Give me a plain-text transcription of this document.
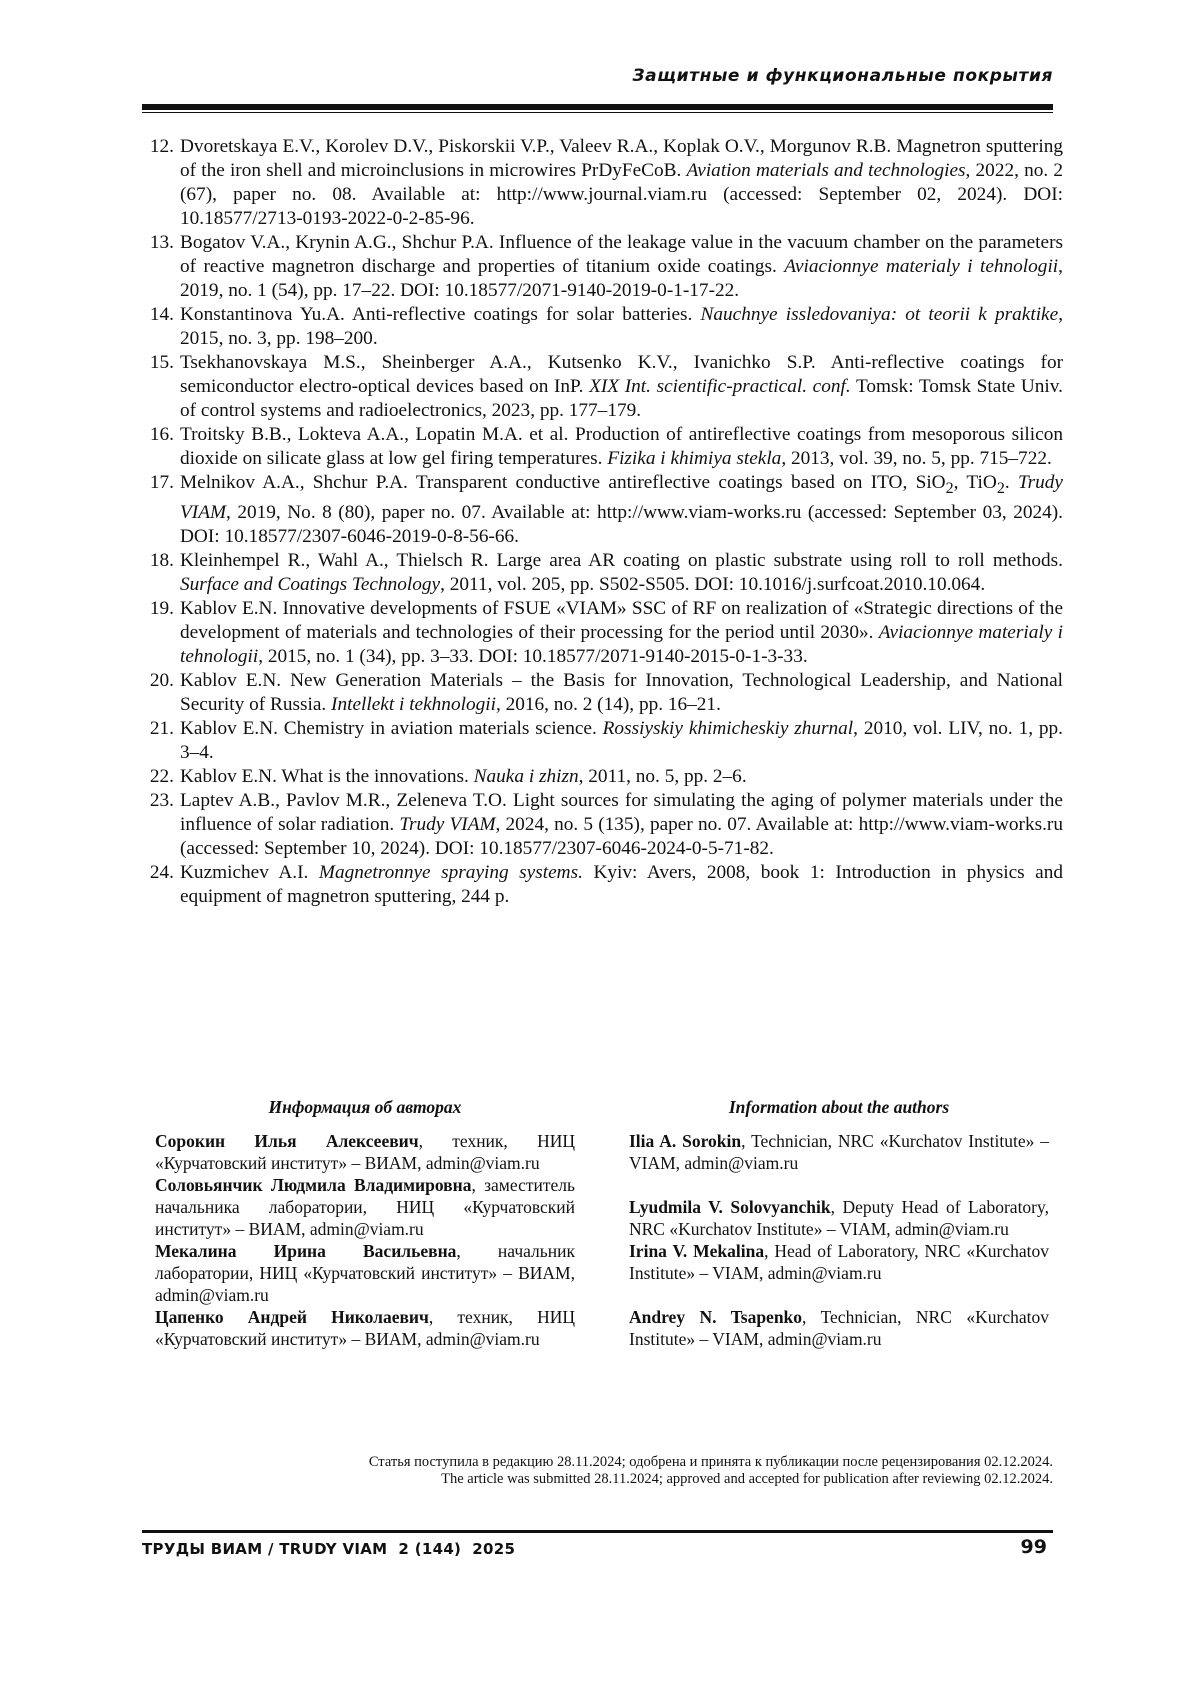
Защитные и функциональные покрытия
12. Dvoretskaya E.V., Korolev D.V., Piskorskii V.P., Valeev R.A., Koplak O.V., Morgunov R.B. Magnetron sputtering of the iron shell and microinclusions in microwires PrDyFeCoB. Aviation materials and technologies, 2022, no. 2 (67), paper no. 08. Available at: http://www.journal.viam.ru (accessed: September 02, 2024). DOI: 10.18577/2713-0193-2022-0-2-85-96.
13. Bogatov V.A., Krynin A.G., Shchur P.A. Influence of the leakage value in the vacuum chamber on the parameters of reactive magnetron discharge and properties of titanium oxide coatings. Aviacionnye materialy i tehnologii, 2019, no. 1 (54), pp. 17–22. DOI: 10.18577/2071-9140-2019-0-1-17-22.
14. Konstantinova Yu.A. Anti-reflective coatings for solar batteries. Nauchnye issledovaniya: ot teorii k praktike, 2015, no. 3, pp. 198–200.
15. Tsekhanovskaya M.S., Sheinberger A.A., Kutsenko K.V., Ivanichko S.P. Anti-reflective coatings for semiconductor electro-optical devices based on InP. XIX Int. scientific-practical. conf. Tomsk: Tomsk State Univ. of control systems and radioelectronics, 2023, pp. 177–179.
16. Troitsky B.B., Lokteva A.A., Lopatin M.A. et al. Production of antireflective coatings from mesoporous silicon dioxide on silicate glass at low gel firing temperatures. Fizika i khimiya stekla, 2013, vol. 39, no. 5, pp. 715–722.
17. Melnikov A.A., Shchur P.A. Transparent conductive antireflective coatings based on ITO, SiO$_2$, TiO$_2$. Trudy VIAM, 2019, No. 8 (80), paper no. 07. Available at: http://www.viam-works.ru (accessed: September 03, 2024). DOI: 10.18577/2307-6046-2019-0-8-56-66.
18. Kleinhempel R., Wahl A., Thielsch R. Large area AR coating on plastic substrate using roll to roll methods. Surface and Coatings Technology, 2011, vol. 205, pp. S502-S505. DOI: 10.1016/j.surfcoat.2010.10.064.
19. Kablov E.N. Innovative developments of FSUE «VIAM» SSC of RF on realization of «Strategic directions of the development of materials and technologies of their processing for the period until 2030». Aviacionnye materialy i tehnologii, 2015, no. 1 (34), pp. 3–33. DOI: 10.18577/2071-9140-2015-0-1-3-33.
20. Kablov E.N. New Generation Materials – the Basis for Innovation, Technological Leadership, and National Security of Russia. Intellekt i tekhnologii, 2016, no. 2 (14), pp. 16–21.
21. Kablov E.N. Chemistry in aviation materials science. Rossiyskiy khimicheskiy zhurnal, 2010, vol. LIV, no. 1, pp. 3–4.
22. Kablov E.N. What is the innovations. Nauka i zhizn, 2011, no. 5, pp. 2–6.
23. Laptev A.B., Pavlov M.R., Zeleneva T.O. Light sources for simulating the aging of polymer materials under the influence of solar radiation. Trudy VIAM, 2024, no. 5 (135), paper no. 07. Available at: http://www.viam-works.ru (accessed: September 10, 2024). DOI: 10.18577/2307-6046-2024-0-5-71-82.
24. Kuzmichev A.I. Magnetronnye spraying systems. Kyiv: Avers, 2008, book 1: Introduction in physics and equipment of magnetron sputtering, 244 p.
Информация об авторах

Сорокин Илья Алексеевич, техник, НИЦ «Курчатовский институт» – ВИАМ, admin@viam.ru

Соловьянчик Людмила Владимировна, заместитель начальника лаборатории, НИЦ «Курчатовский институт» – ВИАМ, admin@viam.ru

Мекалина Ирина Васильевна, начальник лаборатории, НИЦ «Курчатовский институт» – ВИАМ, admin@viam.ru

Цапенко Андрей Николаевич, техник, НИЦ «Курчатовский институт» – ВИАМ, admin@viam.ru

Information about the authors

Ilia A. Sorokin, Technician, NRC «Kurchatov Institute» – VIAM, admin@viam.ru

Lyudmila V. Solovyanchik, Deputy Head of Laboratory, NRC «Kurchatov Institute» – VIAM, admin@viam.ru

Irina V. Mekalina, Head of Laboratory, NRC «Kurchatov Institute» – VIAM, admin@viam.ru

Andrey N. Tsapenko, Technician, NRC «Kurchatov Institute» – VIAM, admin@viam.ru

Статья поступила в редакцию 28.11.2024; одобрена и принята к публикации после рецензирования 02.12.2024.
The article was submitted 28.11.2024; approved and accepted for publication after reviewing 02.12.2024.
ТРУДЫ ВИАМ / TRUDY VIAM  2 (144)  2025	99
